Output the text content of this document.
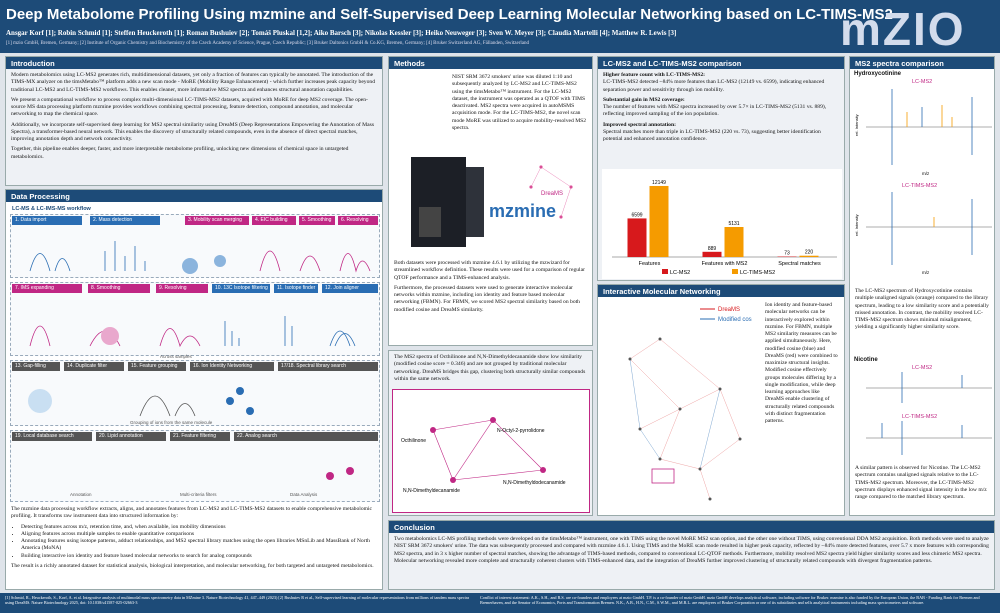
Deep Metabolome Profiling Using mzmine and Self-Supervised Deep Learning Molecular Networking based on LC-TIMS-MS2
Ansgar Korf [1]; Robin Schmid [1]; Steffen Heuckeroth [1]; Roman Bushuiev [2]; Tomáš Pluskal [1,2]; Aiko Barsch [3]; Nikolas Kessler [3]; Heiko Neuweger [3]; Sven W. Meyer [3]; Claudia Martelli [4]; Matthew R. Lewis [3]
[1] mzio GmbH, Bremen, Germany; [2] Institute of Organic Chemistry and Biochemistry of the Czech Academy of Science, Prague, Czech Republic; [3] Bruker Daltonics GmbH & Co.KG, Bremen, Germany; [4] Bruker Switzerland AG, Fällanden, Switzerland	mZIO
Introduction

Modern metabolomics using LC-MS2 generates rich, multidimensional datasets, yet only a fraction of features can typically be annotated. The introduction of the TIMS-MX analyzer on the timsMetabo™ platform adds a new scan mode - MoRE (Mobility Range Enhancement) - which further increases peak capacity beyond traditional LC-MS2 and LC-TIMS-MS2 workflows. This enables cleaner, more informative MS2 spectra and enhances structural annotation capabilities.

We present a computational workflow to process complex multi-dimensional LC-TIMS-MS2 datasets, acquired with MoRE for deep MS2 coverage. The open-source MS data processing platform mzmine provides workflows combining spectral processing, feature detection, compound annotation, and molecular networking to map the chemical space.

Additionally, we incorporate self-supervised deep learning for MS2 spectral similarity using DreaMS (Deep Representations Empowering the Annotation of Mass Spectra), a transformer-based neural network. This enables the discovery of structurally related compounds, even in the absence of direct spectral matches, improving annotation depth and network connectivity.

Together, this pipeline enables deeper, faster, and more interpretable metabolome profiling, unlocking new dimensions of chemical space in untargeted metabolomics.

Data Processing
LC-MS & LC-IMS-MS workflow
1. Data import	2. Mass detection	3. Mobility scan merging	4. EIC building	5. Smoothing	6. Resolving
7. IMS expanding	8. Smoothing	9. Resolving	10. 13C Isotope filtering	11. Isotope finder	12. Join aligner
13. Gap-filling	14. Duplicate filter	15. Feature grouping	16. Ion Identity Networking	17/18. Spectral library search
19. Local database search	20. Lipid annotation	21. Feature filtering	22. Analog search
Across samples
Grouping of ions from the same molecule
Annotation	Multi-criteria filters	Data Analysis

The mzmine data processing workflow extracts, aligns, and annotates features from LC-MS2 and LC-TIMS-MS2 datasets to enable comprehensive metabolomic profiling. It transforms raw instrument data into structured information by:

• Detecting features across m/z, retention time, and, when available, ion mobility dimensions
• Aligning features across multiple samples to enable quantitative comparisons
• Annotating features using isotope patterns, adduct relationships, and MS2 spectral library matches using the open libraries MSnLib and MassBank of North America (MoNA)
• Building interactive ion identity and feature based molecular networks to search for analog compounds

The result is a richly annotated dataset for statistical analysis, biological interpretation, and molecular networking, for both targeted and untargeted metabolomics.

Methods
NIST SRM 3672 smokers' urine was diluted 1:10 and subsequently analyzed by LC-MS2 and LC-TIMS-MS2 using the timsMetabo™ instrument. For the LC-MS2 dataset, the instrument was operated as a QTOF with TIMS deactivated. MS2 spectra were acquired in autoMSMS acquisition mode. For the LC-TIMS-MS2, the novel scan mode MoRE was utilized to acquire mobility-resolved MS2 spectra.
mzmine
DreaMS

Both datasets were processed with mzmine 4.6.1 by utilizing the mzwizard for streamlined workflow definition. These results were used for a comparison of regular QTOF performance and a TIMS-enhanced analysis.

Furthermore, the processed datasets were used to generate interactive molecular networks within mzmine, including ion identity and feature based molecular networking (FBMN). For FBMN, we scored MS2 spectral similarity based on both modified cosine and DreaMS similarity.

The MS2 spectra of Octhilinone and N,N-Dimethyldecanamide show low similarity (modified cosine score = 0.346) and are not grouped by traditional molecular networking. DreaMS bridges this gap, clustering both structurally similar compounds within the same network.
Octhilinone
N-Octyl-2-pyrrolidone
N,N-Dimethyldecanamide
N,N-Dimethyldodecanamide
LC-MS2 and LC-TIMS-MS2 comparison

Higher feature count with LC-TIMS-MS2:
LC-TIMS-MS2 detected ~84% more features than LC-MS2 (12149 vs. 6599), indicating enhanced separation power and sensitivity through ion mobility.

Substantial gain in MS2 coverage:
The number of features with MS2 spectra increased by over 5.7× in LC-TIMS-MS2 (5131 vs. 889), reflecting improved sampling of the ion population.

Improved spectral annotation:
Spectral matches more than triple in LC-TIMS-MS2 (220 vs. 73), suggesting better identification potential and enhanced annotation confidence.

6599
12149
Features
889
5131
Features with MS2
73	220
Spectral matches
LC-MS2	LC-TIMS-MS2
Interactive Molecular Networking
DreaMS
Modified cos
Ion identity and feature-based molecular networks can be interactively explored within mzmine. For FBMN, multiple MS2 similarity measures can be applied simultaneously. Here, modified cosine (blue) and DreaMS (red) were combined to maximize structural insights. Modified cosine effectively groups molecules differing by a single modification, while deep learning approaches like DreaMS enable clustering of structurally related compounds with distinct fragmentation patterns.
MS2 spectra comparison
Hydroxycotinine
LC-MS2
rel. Intensity
m/z
LC-TIMS-MS2
rel. Intensity
m/z
The LC-MS2 spectrum of Hydroxycotinine contains multiple unaligned signals (orange) compared to the library spectrum, leading to a low similarity score and a potentially missed annotation. In contrast, the mobility resolved LC-TIMS-MS2 spectrum shows minimal misalignment, yielding a significantly higher similarity score.
Nicotine
LC-MS2
LC-TIMS-MS2
A similar pattern is observed for Nicotine. The LC-MS2 spectrum contains unaligned signals relative to the LC-TIMS-MS2 spectrum. Moreover, the LC-TIMS-MS2 spectrum displays enhanced signal intensity in the low m/z range compared to the matched library spectrum.
Conclusion
Two metabolomics LC-MS profiling methods were developed on the timsMetabo™ instrument, one with TIMS using the novel MoRE MS2 scan option, and the other one without TIMS, using conventional DDA MS2 acquisition. Both methods were used to analyze NIST SRM 3672 smokers' urine. The data was subsequently processed and compared with mzmine 4.6.1. Using TIMS and the MoRE scan mode resulted in higher peak capacity, reflected by ~84% more detected features, over 5.7 x more features with corresponding MS2 spectra, and in 3 x higher number of spectral matches, showing the advantage of TIMS-based methods, compared to conventional LC-QTOF methods. Furthermore, mobility resolved MS2 spectra yield higher similarity scores and less chimeric MS2 spectra. Molecular networking revealed more complete and structurally coherent clusters with TIMS-enhanced data, and the integration of DreaMS further improved clustering of structurally related compounds with divergent fragmentation patterns.
[1] Schmid, R., Heuckeroth, S., Korf, A. et al. Integrative analysis of multimodal mass spectrometry data in MZmine 3. Nature Biotechnology 41, 447–449 (2023) [2] Bushuiev R et al., Self-supervised learning of molecular representations from millions of tandem mass spectra using DreaMS. Nature Biotechnology 2025, doi: 10.1038/s41587-025-02663-3
Conflict of interest statement: A.K., S.H., and R.S. are co-founders and employees at mzio GmbH. T.P. is a co-founder of mzio GmbH. mzio GmbH develops analytical software, including software for Bruker. mzmine is also funded by the European Union, the BAB - Funding Bank for Bremen and Bremerhaven, and the Senator of Economics, Ports and Transformation Bremen. N.K., A.B., H.N., C.M., S.W.M., and M.R.L. are employees of Bruker Corporation or one of its subsidiaries and sells analytical instruments including mass spectrometers and software.
